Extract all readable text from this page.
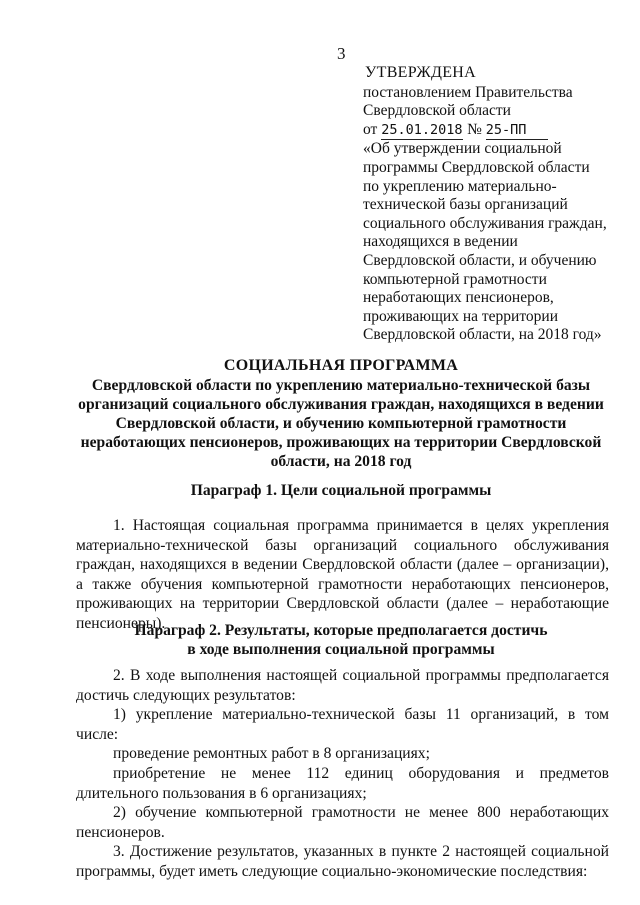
3
УТВЕРЖДЕНА
постановлением Правительства
Свердловской области
от 25.01.2018 № 25-ПП
«Об утверждении социальной программы Свердловской области по укреплению материально-технической базы организаций социального обслуживания граждан, находящихся в ведении Свердловской области, и обучению компьютерной грамотности неработающих пенсионеров, проживающих на территории Свердловской области, на 2018 год»
СОЦИАЛЬНАЯ ПРОГРАММА
Свердловской области по укреплению материально-технической базы организаций социального обслуживания граждан, находящихся в ведении Свердловской области, и обучению компьютерной грамотности неработающих пенсионеров, проживающих на территории Свердловской области, на 2018 год
Параграф 1. Цели социальной программы

1. Настоящая социальная программа принимается в целях укрепления материально-технической базы организаций социального обслуживания граждан, находящихся в ведении Свердловской области (далее – организации), а также обучения компьютерной грамотности неработающих пенсионеров, проживающих на территории Свердловской области (далее – неработающие пенсионеры).

Параграф 2. Результаты, которые предполагается достичь
в ходе выполнения социальной программы

2. В ходе выполнения настоящей социальной программы предполагается достичь следующих результатов:

1) укрепление материально-технической базы 11 организаций, в том числе:

проведение ремонтных работ в 8 организациях;

приобретение не менее 112 единиц оборудования и предметов длительного пользования в 6 организациях;

2) обучение компьютерной грамотности не менее 800 неработающих пенсионеров.

3. Достижение результатов, указанных в пункте 2 настоящей социальной программы, будет иметь следующие социально-экономические последствия:
